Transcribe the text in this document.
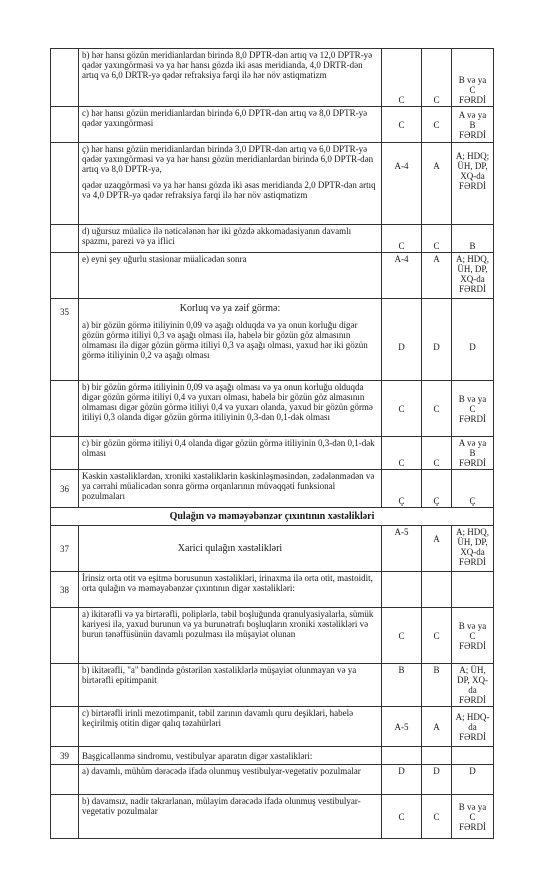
	b) hər hansı gözün meridianlardan birində 8,0 DPTR-dən artıq və 12,0 DPTR-yə qədər yaxıngörməsi və ya hər hansı gözdə iki əsas meridianda, 4,0 DRTR-dən artıq və 6,0 DRTR-yə qədər refraksiya fərqi ilə hər növ astiqmatizm	C	C	B və ya C FƏRDİ
	c) hər hansı gözün meridianlardan birində 6,0 DPTR-dən artıq və 8,0 DPTR-yə qədər yaxıngörməsi	C	C	A və ya B FƏRDİ
	ç) hər hansı gözün meridianlardan birində 3,0 DPTR-dən artıq və 6,0 DPTR-yə qədər yaxıngörməsi və ya hər hansı gözün meridianlardan birində 6,0 DPTR-dən artıq və 8,0 DPTR-yə,
qədər uzaqgörməsi və ya hər hansı gözdə iki əsas meridianda 2,0 DPTR-dən artıq və 4,0 DPTR-yə qədər refraksiya fərqi ilə hər növ astiqmatizm	A-4	A	A; HDQ; ÜH, DP, XQ-da FƏRDİ
	d) uğursuz müalicə ilə nəticələnən hər iki gözdə akkomadasiyanın davamlı spazmı, parezi və ya iflici	C	C	B
	e) eyni şey uğurlu stasionar müalicədən sonra	A-4	A	A; HDQ, ÜH, DP, XQ-da FƏRDİ
35	Korluq və ya zəif görmə:
a) bir gözün görmə itiliyinin 0,09 və aşağı olduqda və ya onun korluğu digər gözün görmə itiliyi 0,3 və aşağı olması ilə, habelə bir gözün göz almasının olmaması ilə digər gözün görmə itiliyi 0,3 və aşağı olması, yaxud hər iki gözün görmə itiliyinin 0,2 və aşağı olması	D	D	D
	b) bir gözün görmə itiliyinin 0,09 və aşağı olması və ya onun korluğu olduqda digər gözün görmə itiliyi 0,4 və yuxarı olması, habelə bir gözün göz almasının olmaması digər gözün görmə itiliyi 0,4 və yuxarı olanda, yaxud bir gözün görmə itiliyi 0,3 olanda digər gözün görmə itiliyinin 0,3-dən 0,1-dək olması	C	C	B və ya C FƏRDİ
	c) bir gözün görmə itiliyi 0,4 olanda digər gözün görmə itiliyinin 0,3-dən 0,1-dək olması	C	C	A və ya B FƏRDİ
36	Kəskin xəstəliklərdən, xroniki xəstəliklərin kəskinləşməsindən, zədələnmədən və ya cərrahi müalicədən sonra görmə orqanlarının müvəqqəti funksional pozulmaları	Ç	Ç	Ç
Qulağın və məməyəbənzər çıxıntının xəstəlikləri				
37	Xarici qulağın xəstəlikləri	A-5	A	A; HDQ, ÜH, DP, XQ-da FƏRDİ
38	İrinsiz orta otit və eşitmə borusunun xəstəlikləri, irinaxma ilə orta otit, mastoidit, orta qulağın və məməyəbənzər çıxıntının digər xəstəlikləri:			
	a) ikitərəfli və ya birtərəfli, poliplərlə, təbil boşluğunda qranulyasiyalarla, sümük kariyesi ilə, yaxud burunun və ya burunətrafı boşluqların xroniki xəstəlikləri və burun tənəffüsünün davamlı pozulması ilə müşayiət olunan	C	C	B və ya C FƏRDİ
	b) ikitərəfli, "a" bəndində göstərilən xəstəliklərlə müşayiət olunmayan və ya birtərəfli epitimpanit	B	B	A; ÜH, DP, XQ-da FƏRDİ
	c) birtərəfli irinli mezotimpanit, təbil zarının davamlı quru deşikləri, habelə keçirilmiş otitin digər qalıq təzahürləri	A-5	A	A; HDQ-da FƏRDİ
39	Başgicəllənmə sindromu, vestibulyar aparatın digər xəstəlikləri:			
	a) davamlı, mühüm dərəcədə ifadə olunmuş vestibulyar-vegetativ pozulmalar	D	D	D
	b) davamsız, nadir təkrarlanan, mülayim dərəcədə ifadə olunmuş vestibulyar-vegetativ pozulmalar	C	C	B və ya C FƏRDİ
